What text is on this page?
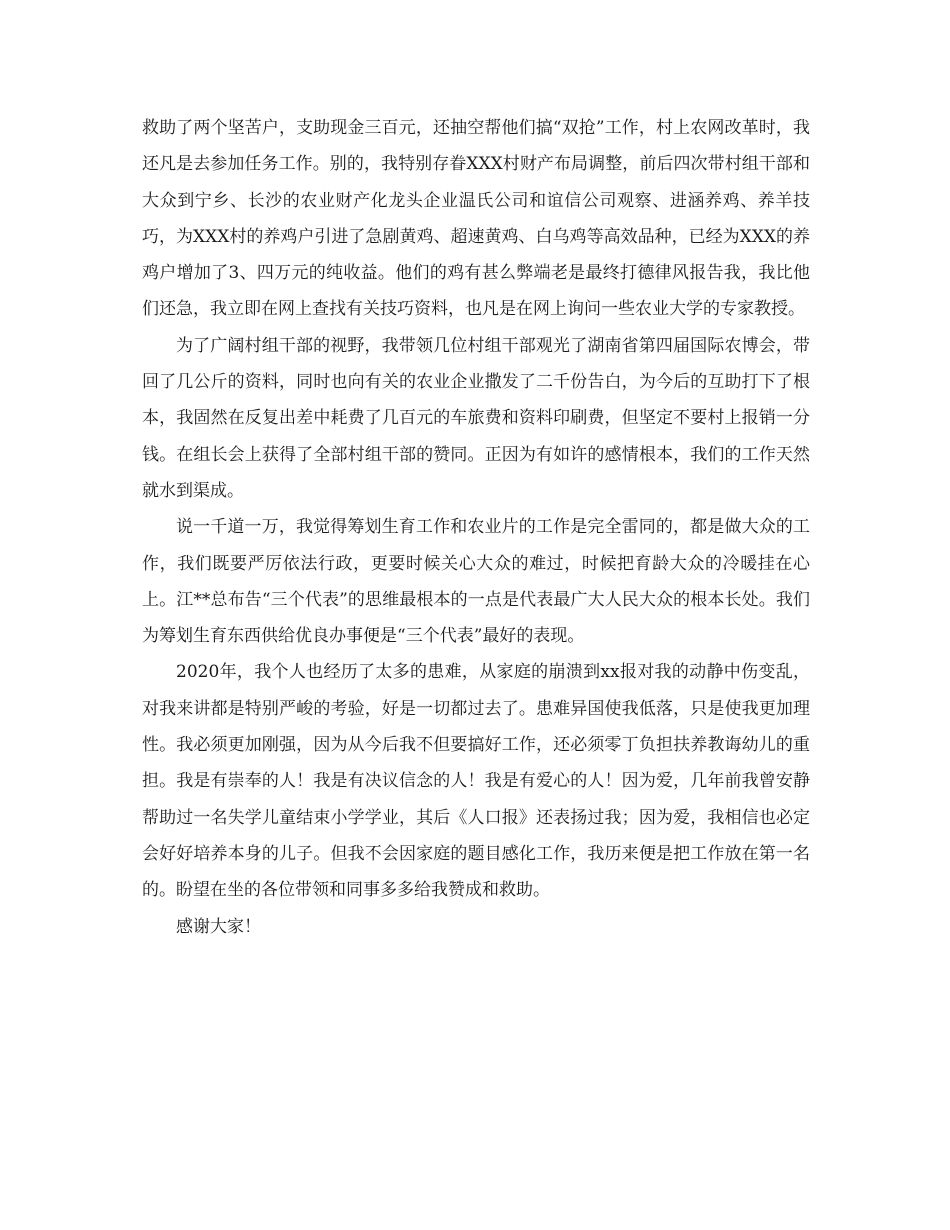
救助了两个坚苦户，支助现金三百元，还抽空帮他们搞“双抢”工作，村上农网改革时，我还凡是去参加任务工作。别的，我特别存眷XXX村财产布局调整，前后四次带村组干部和大众到宁乡、长沙的农业财产化龙头企业温氏公司和谊信公司观察、进涵养鸡、养羊技巧，为XXX村的养鸡户引进了急剧黄鸡、超速黄鸡、白乌鸡等高效品种，已经为XXX的养鸡户增加了3、四万元的纯收益。他们的鸡有甚么弊端老是最终打德律风报告我，我比他们还急，我立即在网上查找有关技巧资料，也凡是在网上询问一些农业大学的专家教授。

为了广阔村组干部的视野，我带领几位村组干部观光了湖南省第四届国际农博会，带回了几公斤的资料，同时也向有关的农业企业撒发了二千份告白，为今后的互助打下了根本，我固然在反复出差中耗费了几百元的车旅费和资料印刷费，但坚定不要村上报销一分钱。在组长会上获得了全部村组干部的赞同。正因为有如许的感情根本，我们的工作天然就水到渠成。

说一千道一万，我觉得筹划生育工作和农业片的工作是完全雷同的，都是做大众的工作，我们既要严厉依法行政，更要时候关心大众的难过，时候把育龄大众的冷暖挂在心上。江**总布告“三个代表”的思维最根本的一点是代表最广大人民大众的根本长处。我们为筹划生育东西供给优良办事便是“三个代表”最好的表现。

2020年，我个人也经历了太多的患难，从家庭的崩溃到xx报对我的动静中伤变乱，对我来讲都是特别严峻的考验，好是一切都过去了。患难异国使我低落，只是使我更加理性。我必须更加刚强，因为从今后我不但要搞好工作，还必须零丁负担扶养教诲幼儿的重担。我是有崇奉的人！我是有决议信念的人！我是有爱心的人！因为爱，几年前我曾安静帮助过一名失学儿童结束小学学业，其后《人口报》还表扬过我；因为爱，我相信也必定会好好培养本身的儿子。但我不会因家庭的题目感化工作，我历来便是把工作放在第一名的。盼望在坐的各位带领和同事多多给我赞成和救助。

感谢大家！
